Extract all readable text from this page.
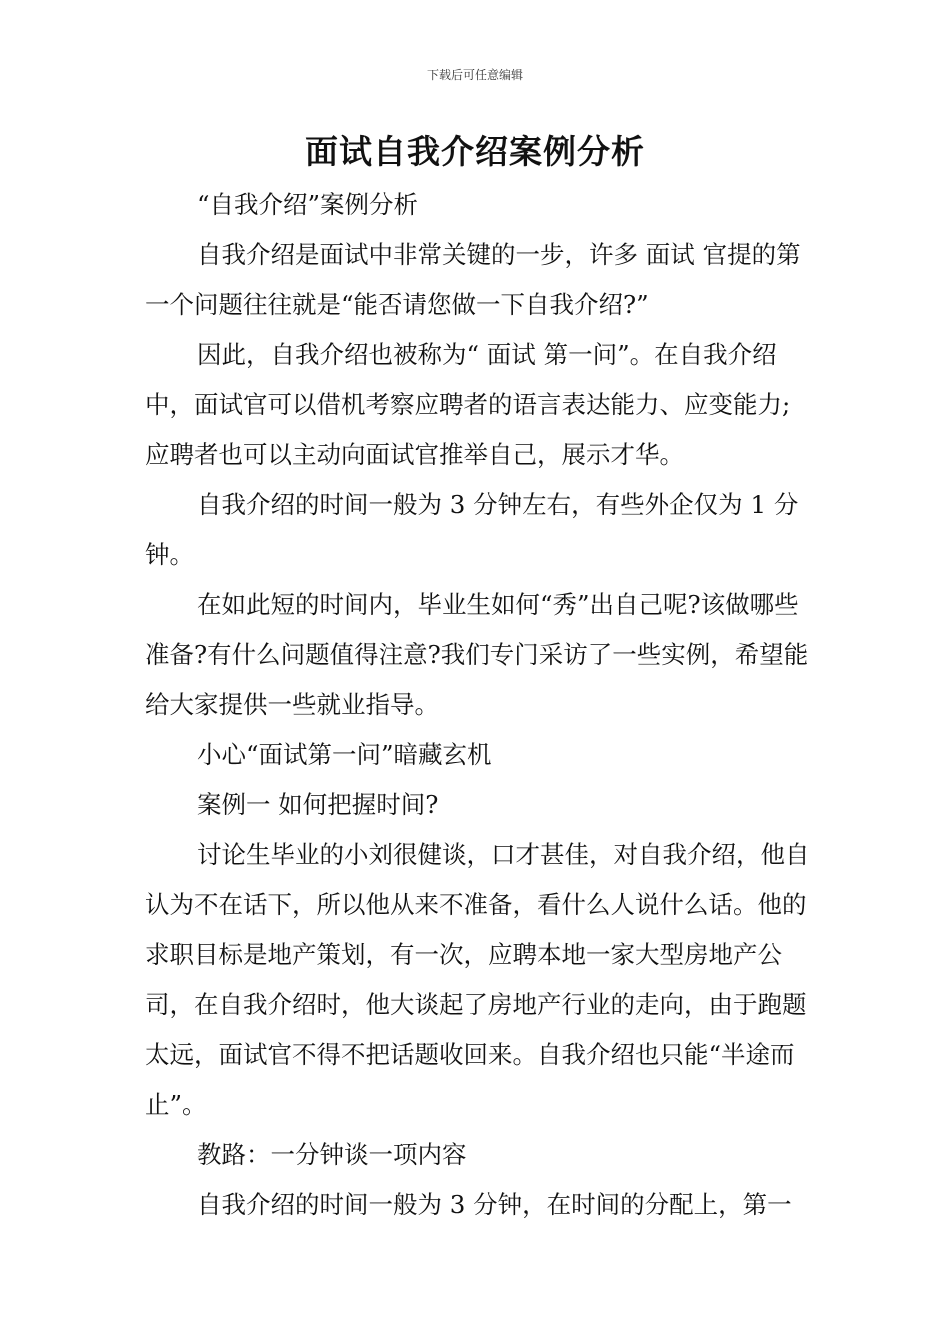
下载后可任意编辑
面试自我介绍案例分析

“自我介绍”案例分析

自我介绍是面试中非常关键的一步，许多 面试 官提的第一个问题往往就是“能否请您做一下自我介绍?”

因此，自我介绍也被称为“ 面试 第一问”。在自我介绍中，面试官可以借机考察应聘者的语言表达能力、应变能力;应聘者也可以主动向面试官推举自己，展示才华。

自我介绍的时间一般为 3 分钟左右，有些外企仅为 1 分钟。

在如此短的时间内，毕业生如何“秀”出自己呢?该做哪些准备?有什么问题值得注意?我们专门采访了一些实例，希望能给大家提供一些就业指导。

小心“面试第一问”暗藏玄机

案例一 如何把握时间?

讨论生毕业的小刘很健谈，口才甚佳，对自我介绍，他自认为不在话下，所以他从来不准备，看什么人说什么话。他的求职目标是地产策划，有一次，应聘本地一家大型房地产公司，在自我介绍时，他大谈起了房地产行业的走向，由于跑题太远，面试官不得不把话题收回来。自我介绍也只能“半途而止”。

教路：一分钟谈一项内容

自我介绍的时间一般为 3 分钟，在时间的分配上，第一
